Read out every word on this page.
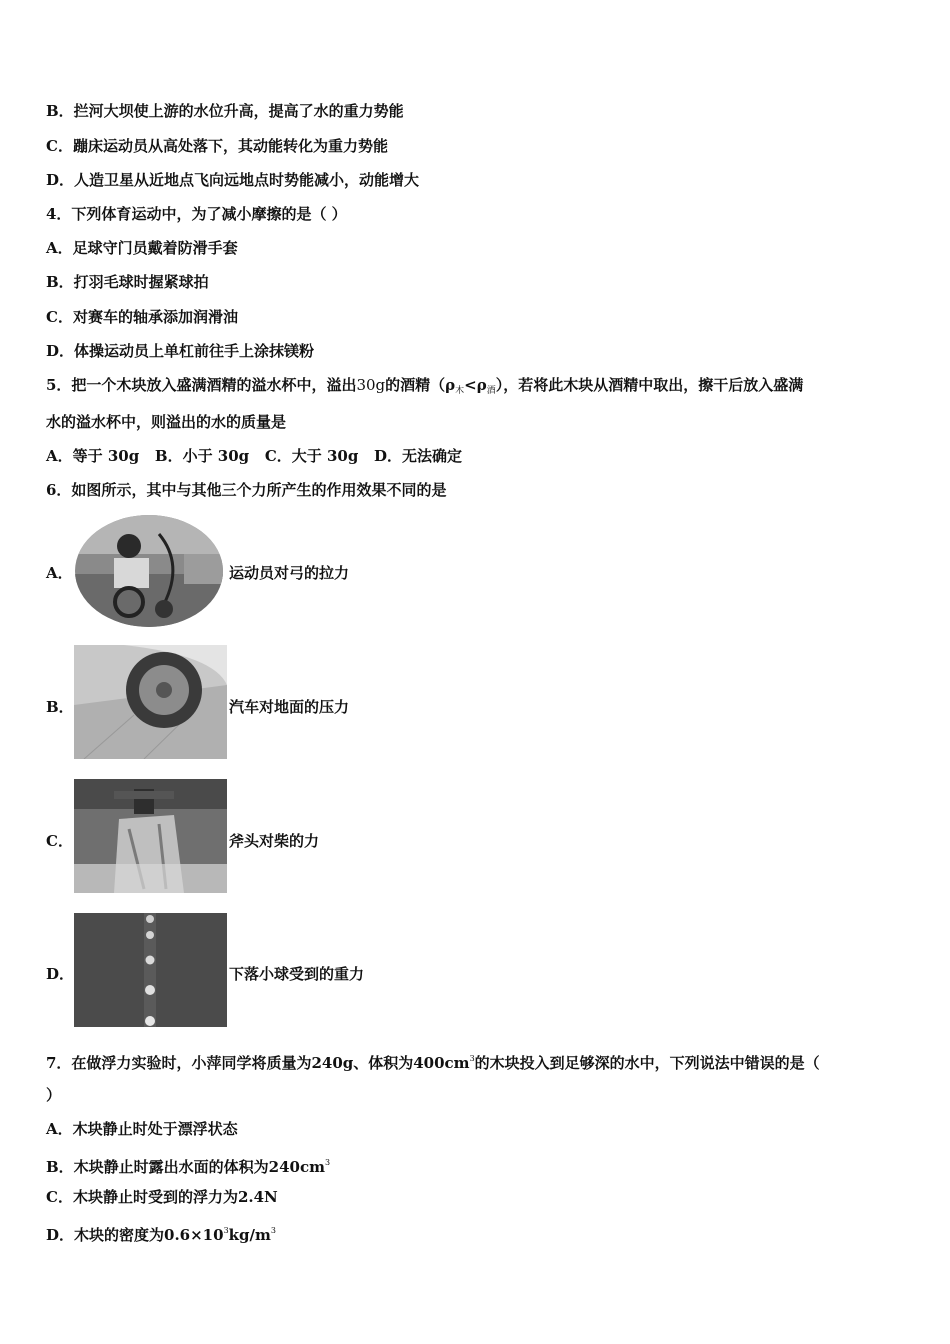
B．拦河大坝使上游的水位升高，提高了水的重力势能
C．蹦床运动员从高处落下，其动能转化为重力势能
D．人造卫星从近地点飞向远地点时势能减小，动能增大
4．下列体育运动中，为了减小摩擦的是（ ）
A．足球守门员戴着防滑手套
B．打羽毛球时握紧球拍
C．对赛车的轴承添加润滑油
D．体操运动员上单杠前往手上涂抹镁粉
5．把一个木块放入盛满酒精的溢水杯中，溢出30g的酒精$(\rho_木<\rho_酒)$，若将此木块从酒精中取出，擦干后放入盛满
水的溢水杯中，则溢出的水的质量是
A．等于 30g   B．小于 30g   C．大于 30g   D．无法确定
6．如图所示，其中与其他三个力所产生的作用效果不同的是
A．	运动员对弓的拉力
B．	汽车对地面的压力
C．	斧头对柴的力
D．	下落小球受到的重力
7．在做浮力实验时，小萍同学将质量为240g、体积为$400cm^3$的木块投入到足够深的水中，下列说法中错误的是（
）
A．木块静止时处于漂浮状态
B．木块静止时露出水面的体积为$240cm^3$
C．木块静止时受到的浮力为2.4N
D．木块的密度为$0.6\times 10^3kg/m^3$
